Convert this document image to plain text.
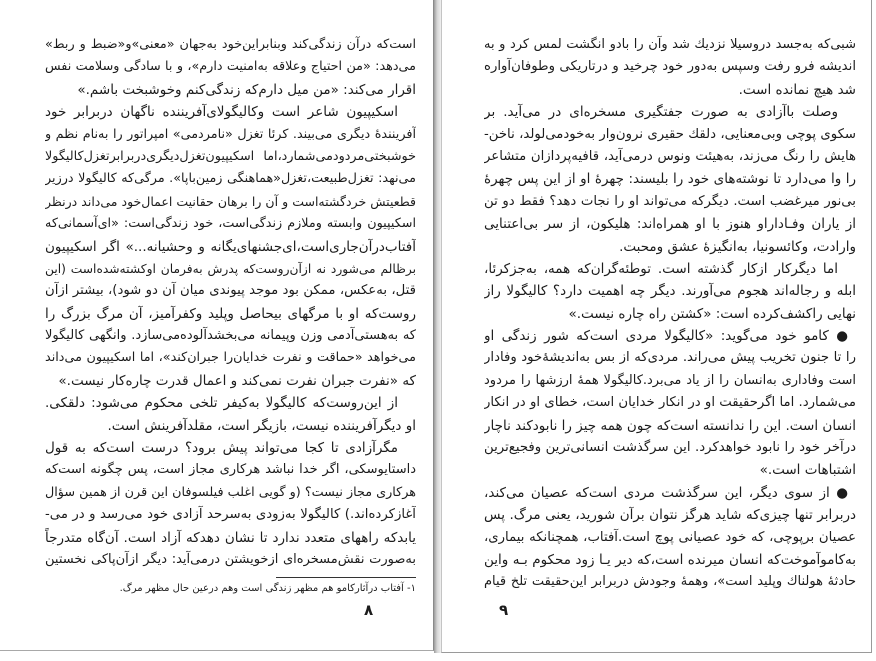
است‌که درآن زندگی‌کند وبنابراین‌خود به‌جهان «معنی»و«ضبط و ربط»
می‌دهد: «من احتیاج وعلاقه به‌امنیت دارم»، و با سادگی وسلامت نفس
اقرار می‌کند: «من میل دارم‌که زندگی‌کنم وخوشبخت باشم.»
اسکیپیون شاعر است وکالیگولای‌آفریننده ناگهان دربرابر خود
آفرینندهٔ دیگری می‌بیند. کرئا تغزل «نامردمی» امپراتور را به‌نام نظم و
خوشبختی‌مردودمی‌شمارد،اما اسکیپیون‌تغزل‌دیگری‌دربرابرتغزل‌کالیگولا
می‌نهد: تغزل‌طبیعت،تغزل«هماهنگی زمین‌باپا». مرگی‌که کالیگولا درزیر
قطعیتش خردگشته‌است و آن را برهان حقانیت اعمال‌خود می‌داند درنظر
اسکیپیون وابسته وملازم زندگی‌است، خود زندگی‌است: «ای‌آسمانی‌که
آفتاب‌درآن‌جاری‌است،ای‌جشنهای‌یگانه و وحشیانه...» اگر اسکیپیون
برظالم می‌شورد نه ازآن‌روست‌که پدرش به‌فرمان اوکشته‌شده‌است (این
قتل، به‌عکس، ممکن بود موجد پیوندی میان آن دو شود)، بیشتر ازآن
روست‌که او با مرگهای بیحاصل وپلید وکفرآمیز، آن مرگ بزرگ را
که به‌هستی‌آدمی وزن وپیمانه می‌بخشدآلوده‌می‌سازد. وانگهی کالیگولا
می‌خواهد «حماقت و نفرت خدایان‌را جبران‌کند»، اما اسکیپیون می‌داند
که «نفرت جبران نفرت نمی‌کند و اعمال قدرت چاره‌کار نیست.»
از این‌روست‌که کالیگولا به‌کیفر تلخی محکوم می‌شود: دلقکی.
او دیگرآفریننده نیست، بازیگر است، مقلدآفرینش است.
مگرآزادی تا کجا می‌تواند پیش برود؟ درست است‌که به قول
داستایوسکی، اگر خدا نباشد هرکاری مجاز است، پس چگونه است‌که
هرکاری مجاز نیست؟ (و گویی اغلب فیلسوفان این قرن از همین سؤال
آغازکرده‌اند.) کالیگولا به‌زودی به‌سرحد آزادی خود می‌رسد و در می-
یابدکه راههای متعدد ندارد تا نشان دهدکه آزاد است. آن‌گاه متدرجاً
به‌صورت نقش‌مسخره‌ای ازخویشتن درمی‌آید: دیگر ازآن‌پاکی نخستین
۱- آفتاب درآثارکامو هم مظهر زندگی است وهم درعین حال مظهر مرگ.
۸
شبی‌که به‌جسد دروسیلا نزدیك شد وآن را بادو انگشت لمس کرد و به
اندیشه فرو رفت وسپس به‌دور خود چرخید و درتاریکی وطوفان‌آواره
شد هیچ نمانده است.
وصلت باآزادی به صورت جفتگیری مسخره‌ای در می‌آید. بر
سکوی پوچی وبی‌معنایی، دلقك حقیری نرون‌وار به‌خودمی‌لولد، ناخن-
هایش را رنگ می‌زند، به‌هیئت ونوس درمی‌آید، قافیه‌پردازان متشاعر
را وا می‌دارد تا نوشته‌های خود را بلیسند: چهرهٔ او از این پس چهرهٔ
بی‌نور میرغضب است. دیگرکه می‌تواند او را نجات دهد؟ فقط دو تن
از یاران وفـاداراو هنوز با او همراه‌اند: هلیکون، از سر بی‌اعتنایی
وارادت، وکائسونیا، به‌انگیزهٔ عشق ومحبت.
اما دیگرکار ازکار گذشته است. توطئه‌گران‌که همه، به‌جزکرئا،
ابله و رجاله‌اند هجوم می‌آورند. دیگر چه اهمیت دارد؟ کالیگولا راز
نهایی راکشف‌کرده است: «کشتن راه چاره نیست.»
● کامو خود می‌گوید: «کالیگولا مردی است‌که شور زندگی او
را تا جنون تخریب پیش می‌راند. مردی‌که از بس به‌اندیشهٔ‌خود وفادار
است وفاداری به‌انسان را از یاد می‌برد.کالیگولا همهٔ ارزشها را مردود
می‌شمارد. اما اگرحقیقت او در انکار خدایان است، خطای او در انکار
انسان است. این را ندانسته است‌که چون همه چیز را نابودکند ناچار
درآخر خود را نابود خواهدکرد. این سرگذشت انسانی‌ترین وفجیع‌ترین
اشتباهات است.»
● از سوی دیگر، این سرگذشت مردی است‌که عصیان می‌کند،
دربرابر تنها چیزی‌که شاید هرگز نتوان برآن شورید، یعنی مرگ. پس
عصیان برپوچی، که خود عصیانی پوچ است.آفتاب، همچنانکه بیماری،
به‌کاموآموخت‌که انسان میرنده است،که دیر یـا زود محکوم بـه واین
حادثهٔ هولناك وپلید است»، وهمهٔ وجودش دربرابر این‌حقیقت تلخ قیام
۹
